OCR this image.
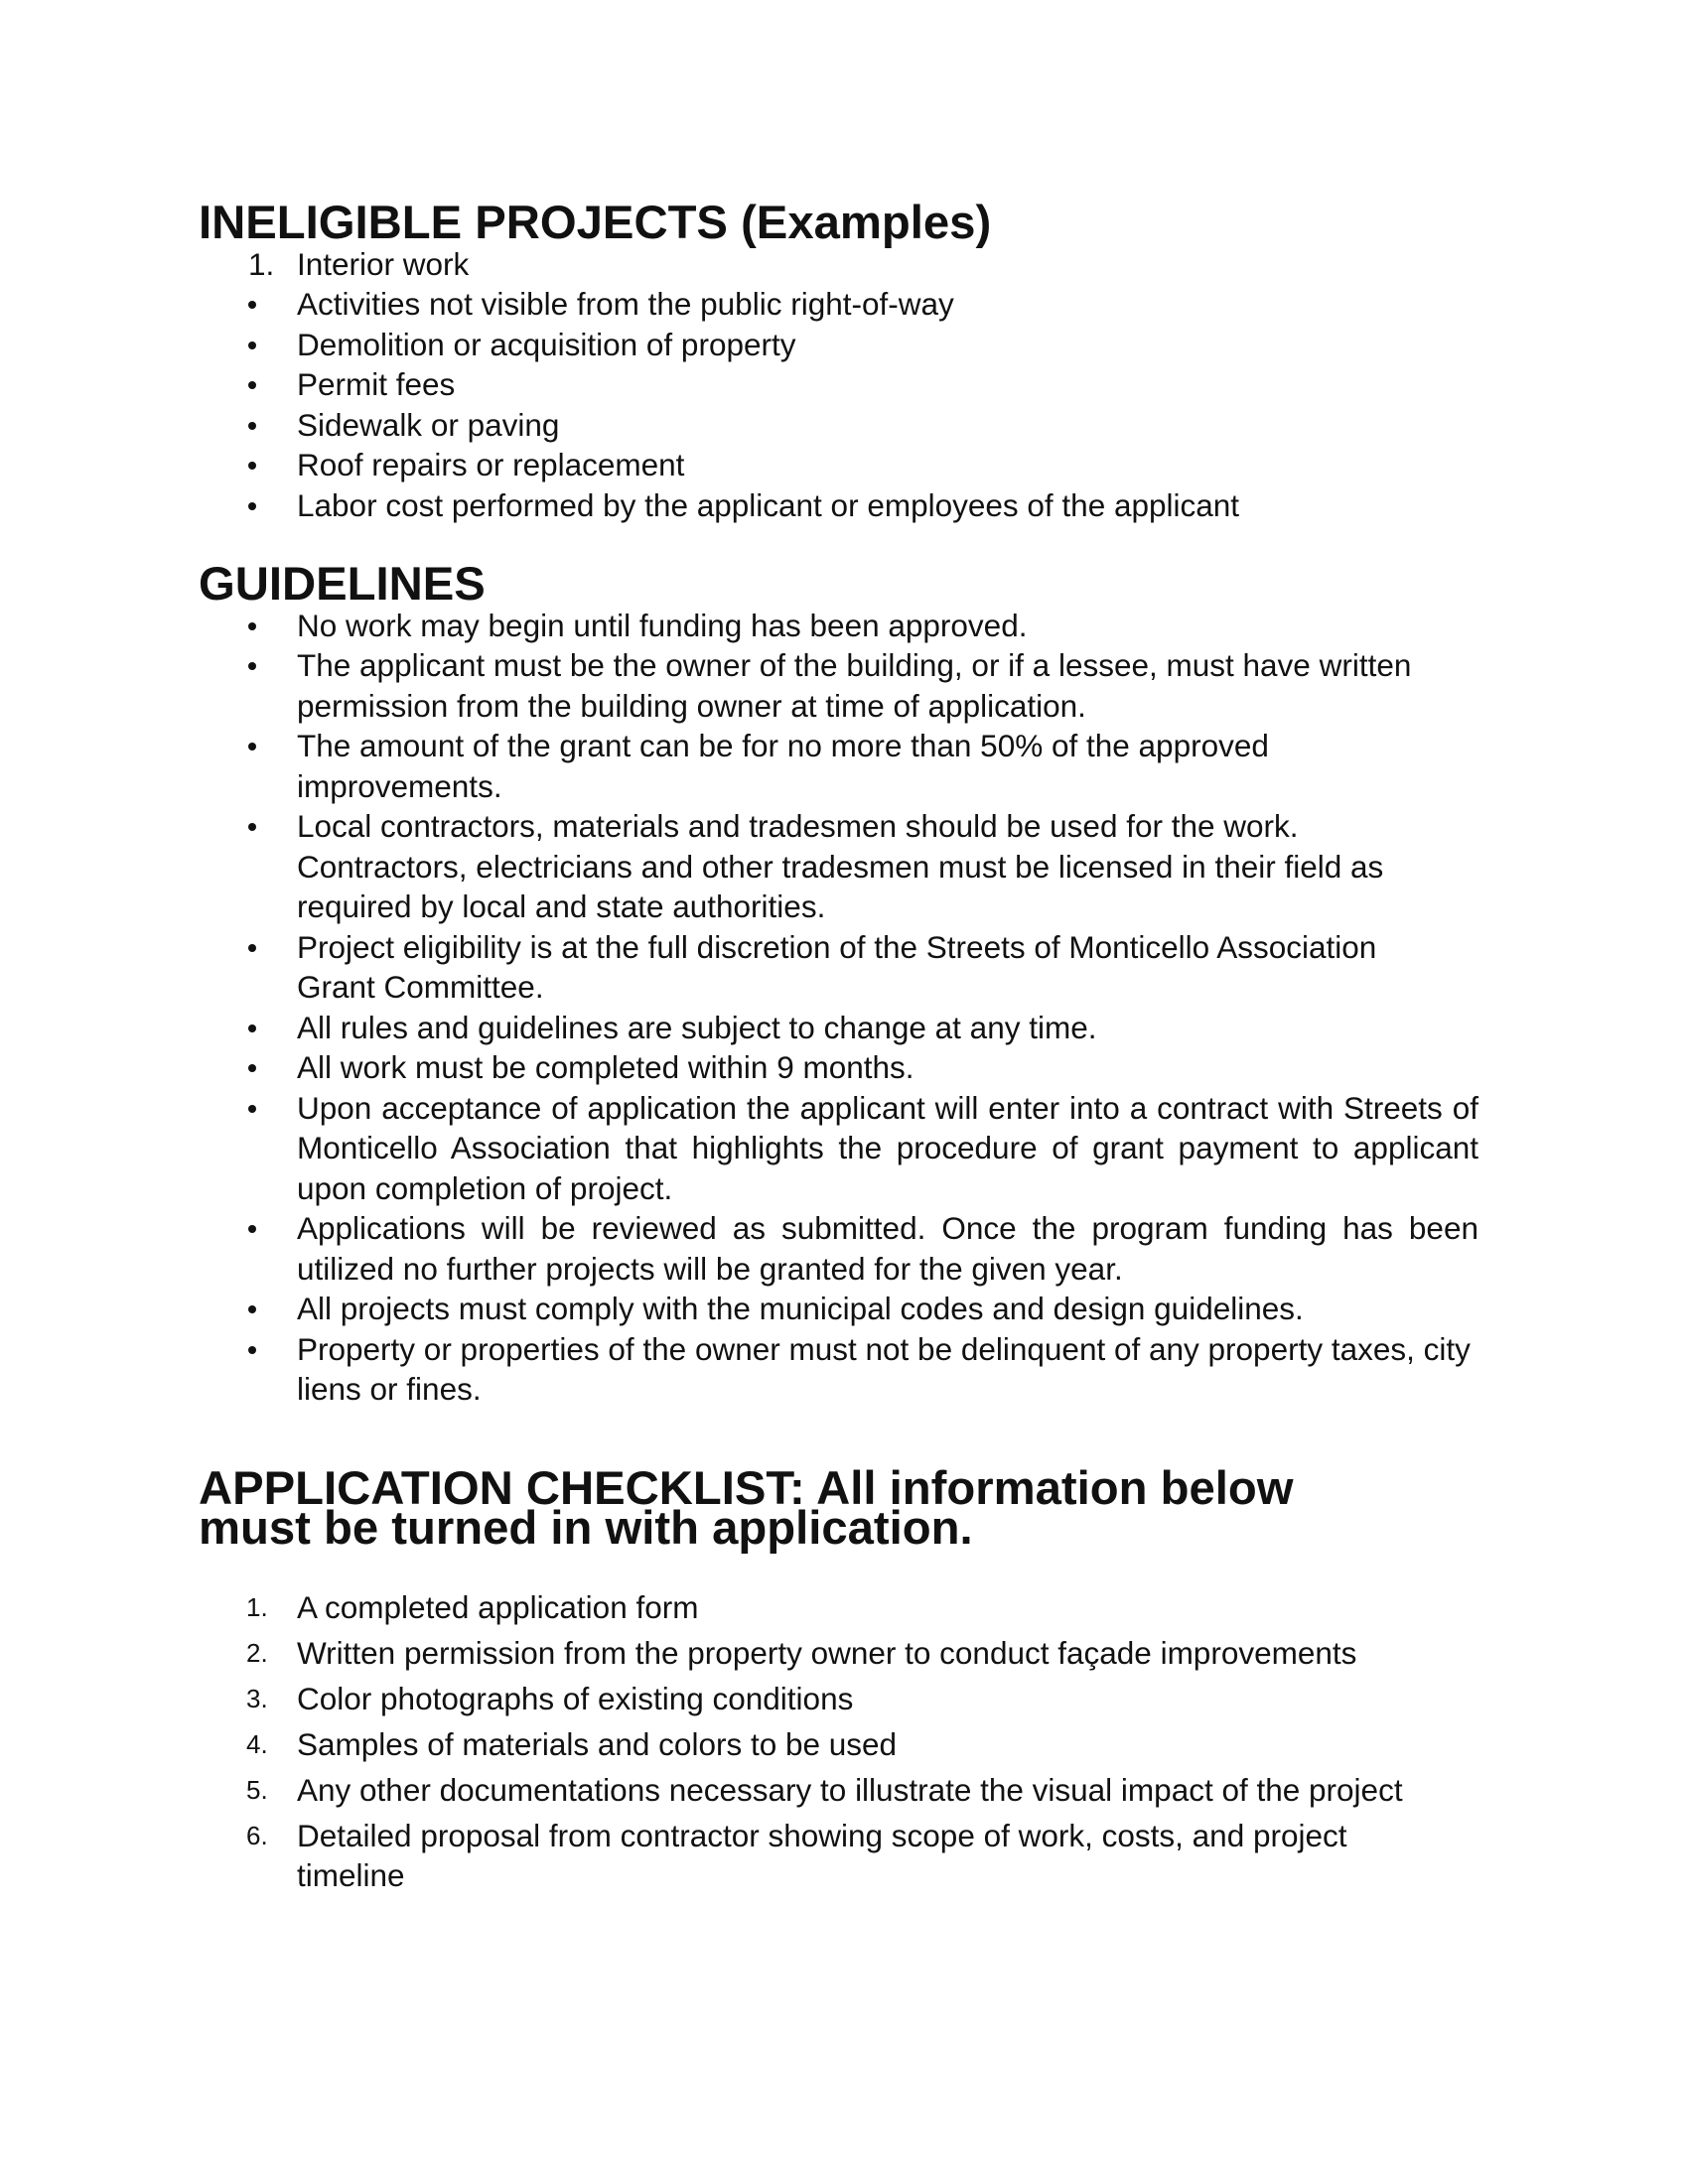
INELIGIBLE PROJECTS (Examples)
1. Interior work
Activities not visible from the public right-of-way
Demolition or acquisition of property
Permit fees
Sidewalk or paving
Roof repairs or replacement
Labor cost performed by the applicant or employees of the applicant
GUIDELINES
No work may begin until funding has been approved.
The applicant must be the owner of the building, or if a lessee, must have written permission from the building owner at time of application.
The amount of the grant can be for no more than 50% of the approved improvements.
Local contractors, materials and tradesmen should be used for the work. Contractors, electricians and other tradesmen must be licensed in their field as required by local and state authorities.
Project eligibility is at the full discretion of the Streets of Monticello Association Grant Committee.
All rules and guidelines are subject to change at any time.
All work must be completed within 9 months.
Upon acceptance of application the applicant will enter into a contract with Streets of Monticello Association that highlights the procedure of grant payment to applicant upon completion of project.
Applications will be reviewed as submitted. Once the program funding has been utilized no further projects will be granted for the given year.
All projects must comply with the municipal codes and design guidelines.
Property or properties of the owner must not be delinquent of any property taxes, city liens or fines.
APPLICATION CHECKLIST: All information below must be turned in with application.
1. A completed application form
2. Written permission from the property owner to conduct façade improvements
3. Color photographs of existing conditions
4. Samples of materials and colors to be used
5. Any other documentations necessary to illustrate the visual impact of the project
6. Detailed proposal from contractor showing scope of work, costs, and project timeline
